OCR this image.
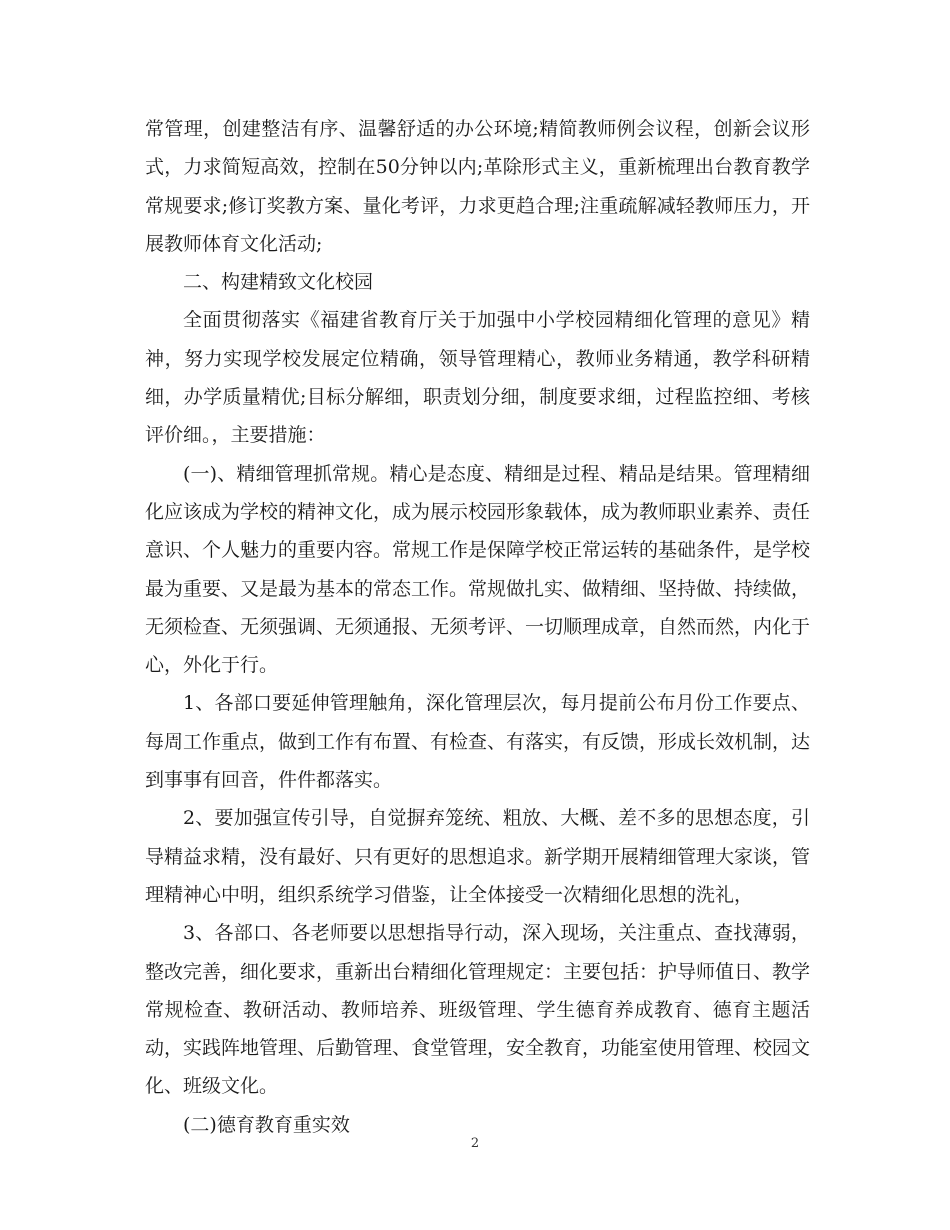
常管理，创建整洁有序、温馨舒适的办公环境;精简教师例会议程，创新会议形式，力求简短高效，控制在50分钟以内;革除形式主义，重新梳理出台教育教学常规要求;修订奖教方案、量化考评，力求更趋合理;注重疏解减轻教师压力，开展教师体育文化活动;

二、构建精致文化校园

全面贯彻落实《福建省教育厅关于加强中小学校园精细化管理的意见》精神，努力实现学校发展定位精确，领导管理精心，教师业务精通，教学科研精细，办学质量精优;目标分解细，职责划分细，制度要求细，过程监控细、考核评价细。，主要措施：

(一)、精细管理抓常规。精心是态度、精细是过程、精品是结果。管理精细化应该成为学校的精神文化，成为展示校园形象载体，成为教师职业素养、责任意识、个人魅力的重要内容。常规工作是保障学校正常运转的基础条件，是学校最为重要、又是最为基本的常态工作。常规做扎实、做精细、坚持做、持续做，无须检查、无须强调、无须通报、无须考评、一切顺理成章，自然而然，内化于心，外化于行。

1、各部口要延伸管理触角，深化管理层次，每月提前公布月份工作要点、每周工作重点，做到工作有布置、有检查、有落实，有反馈，形成长效机制，达到事事有回音，件件都落实。

2、要加强宣传引导，自觉摒弃笼统、粗放、大概、差不多的思想态度，引导精益求精，没有最好、只有更好的思想追求。新学期开展精细管理大家谈，管理精神心中明，组织系统学习借鉴，让全体接受一次精细化思想的洗礼，

3、各部口、各老师要以思想指导行动，深入现场，关注重点、查找薄弱，整改完善，细化要求，重新出台精细化管理规定：主要包括：护导师值日、教学常规检查、教研活动、教师培养、班级管理、学生德育养成教育、德育主题活动，实践阵地管理、后勤管理、食堂管理，安全教育，功能室使用管理、校园文化、班级文化。

(二)德育教育重实效

2
